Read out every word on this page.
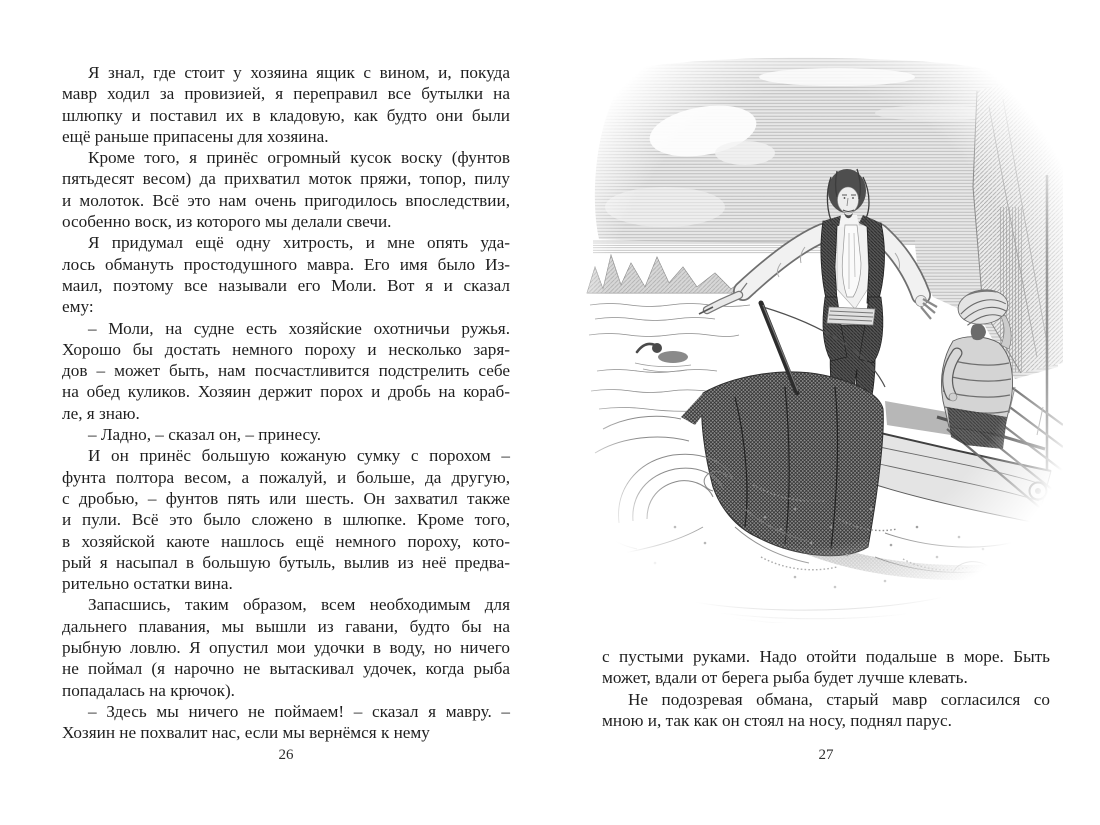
Я знал, где стоит у хозяина ящик с вином, и, покуда
мавр ходил за провизией, я переправил все бутылки на
шлюпку и поставил их в кладовую, как будто они были
ещё раньше припасены для хозяина.
Кроме того, я принёс огромный кусок воску (фунтов
пятьдесят весом) да прихватил моток пряжи, топор, пилу
и молоток. Всё это нам очень пригодилось впоследствии,
особенно воск, из которого мы делали свечи.
Я придумал ещё одну хитрость, и мне опять уда-
лось обмануть простодушного мавра. Его имя было Из-
маил, поэтому все называли его Моли. Вот я и сказал
ему:
– Моли, на судне есть хозяйские охотничьи ружья.
Хорошо бы достать немного пороху и несколько заря-
дов – может быть, нам посчастливится подстрелить себе
на обед куликов. Хозяин держит порох и дробь на кораб-
ле, я знаю.
– Ладно, – сказал он, – принесу.
И он принёс большую кожаную сумку с порохом –
фунта полтора весом, а пожалуй, и больше, да другую,
с дробью, – фунтов пять или шесть. Он захватил также
и пули. Всё это было сложено в шлюпке. Кроме того,
в хозяйской каюте нашлось ещё немного пороху, кото-
рый я насыпал в большую бутыль, вылив из неё предва-
рительно остатки вина.
Запасшись, таким образом, всем необходимым для
дальнего плавания, мы вышли из гавани, будто бы на
рыбную ловлю. Я опустил мои удочки в воду, но ничего
не поймал (я нарочно не вытаскивал удочек, когда рыба
попадалась на крючок).
– Здесь мы ничего не поймаем! – сказал я мавру. –
Хозяин не похвалит нас, если мы вернёмся к нему
26
с пустыми руками. Надо отойти подальше в море. Быть
может, вдали от берега рыба будет лучше клевать.
Не подозревая обмана, старый мавр согласился со
мною и, так как он стоял на носу, поднял парус.
27
